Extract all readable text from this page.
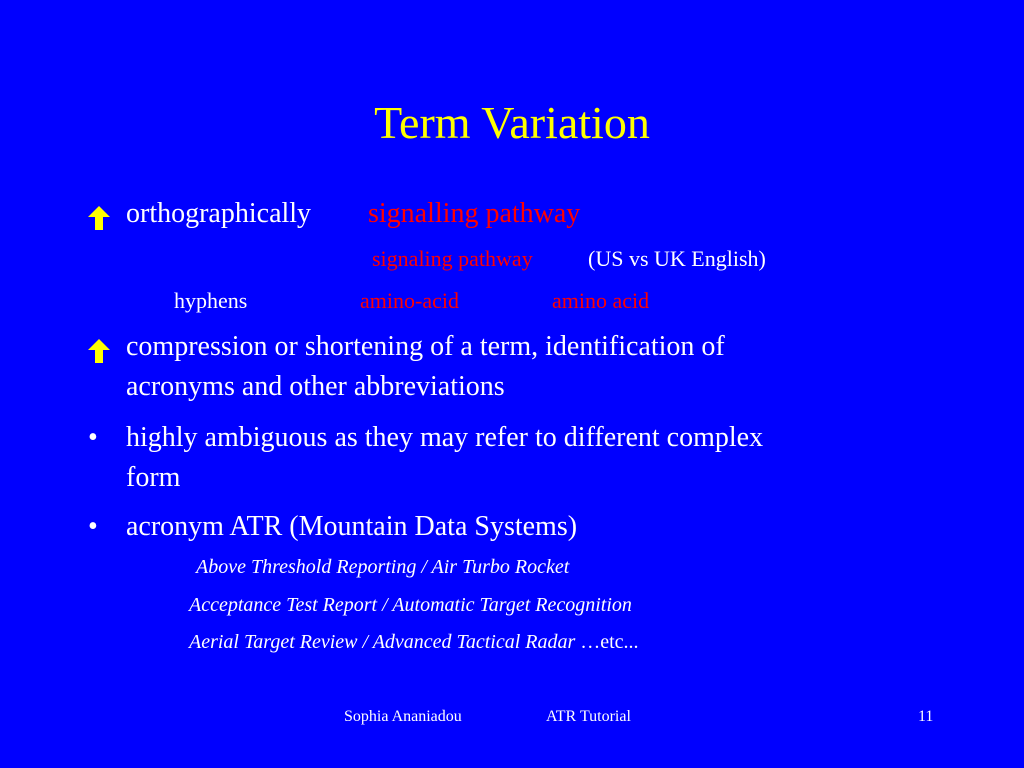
Term Variation
orthographically signalling pathway
signaling pathway	(US vs UK English)
hyphens	amino-acid	amino acid
compression or shortening of a term, identification of
acronyms and other abbreviations
• highly ambiguous as they may refer to different complex
form
• acronym ATR (Mountain Data Systems)
Above Threshold Reporting / Air Turbo Rocket
Acceptance Test Report / Automatic Target Recognition
Aerial Target Review / Advanced Tactical Radar …etc...
Sophia Ananiadou	ATR Tutorial	11
